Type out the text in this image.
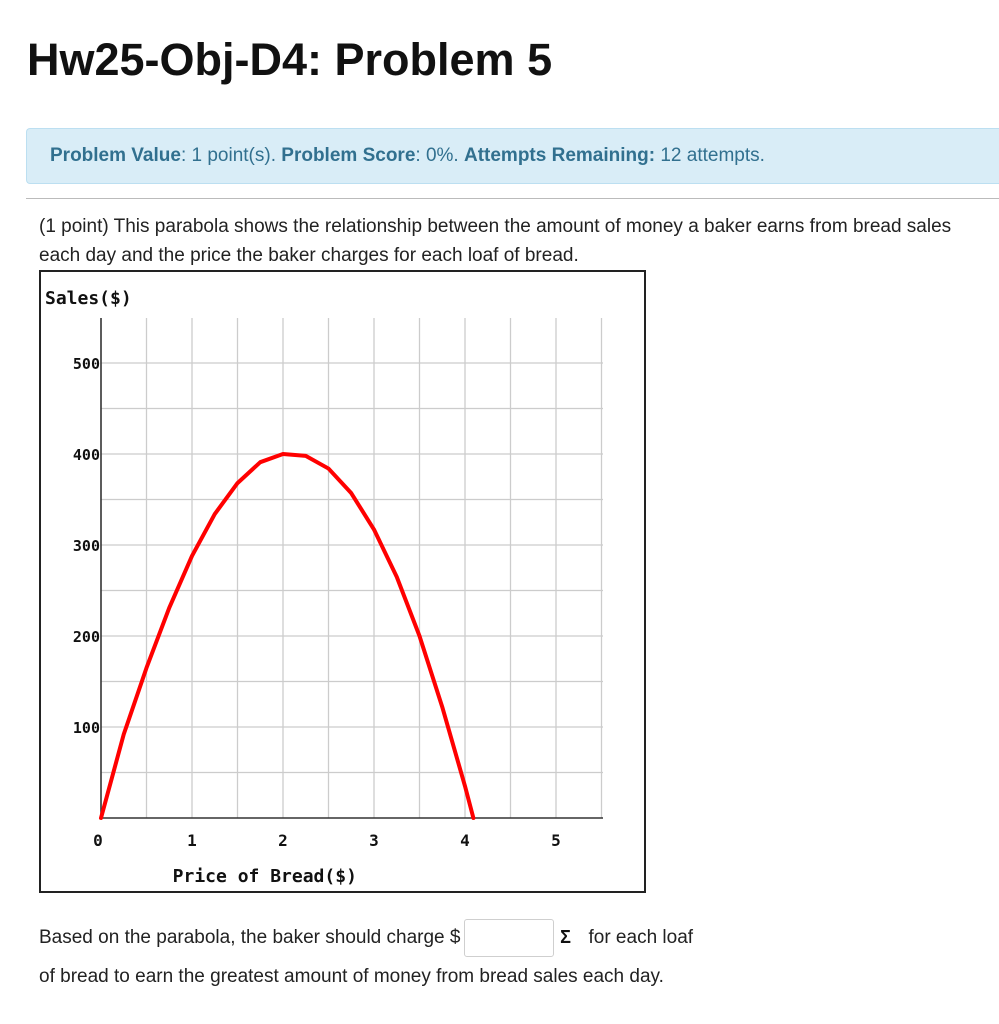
Hw25-Obj-D4: Problem 5
Problem Value : 1 point(s).
Problem Score : 0%.
Attempts Remaining:
12 attempts.
(1 point) This parabola shows the relationship between the amount of money a baker earns from bread sales each day and the price the baker charges for each loaf of bread.
100
200
300
400
500
0	1	2	3	4	5
Sales($)
Price of Bread($)
Based on the parabola, the baker should charge $	Σ for each loaf
of bread to earn the greatest amount of money from bread sales each day.
